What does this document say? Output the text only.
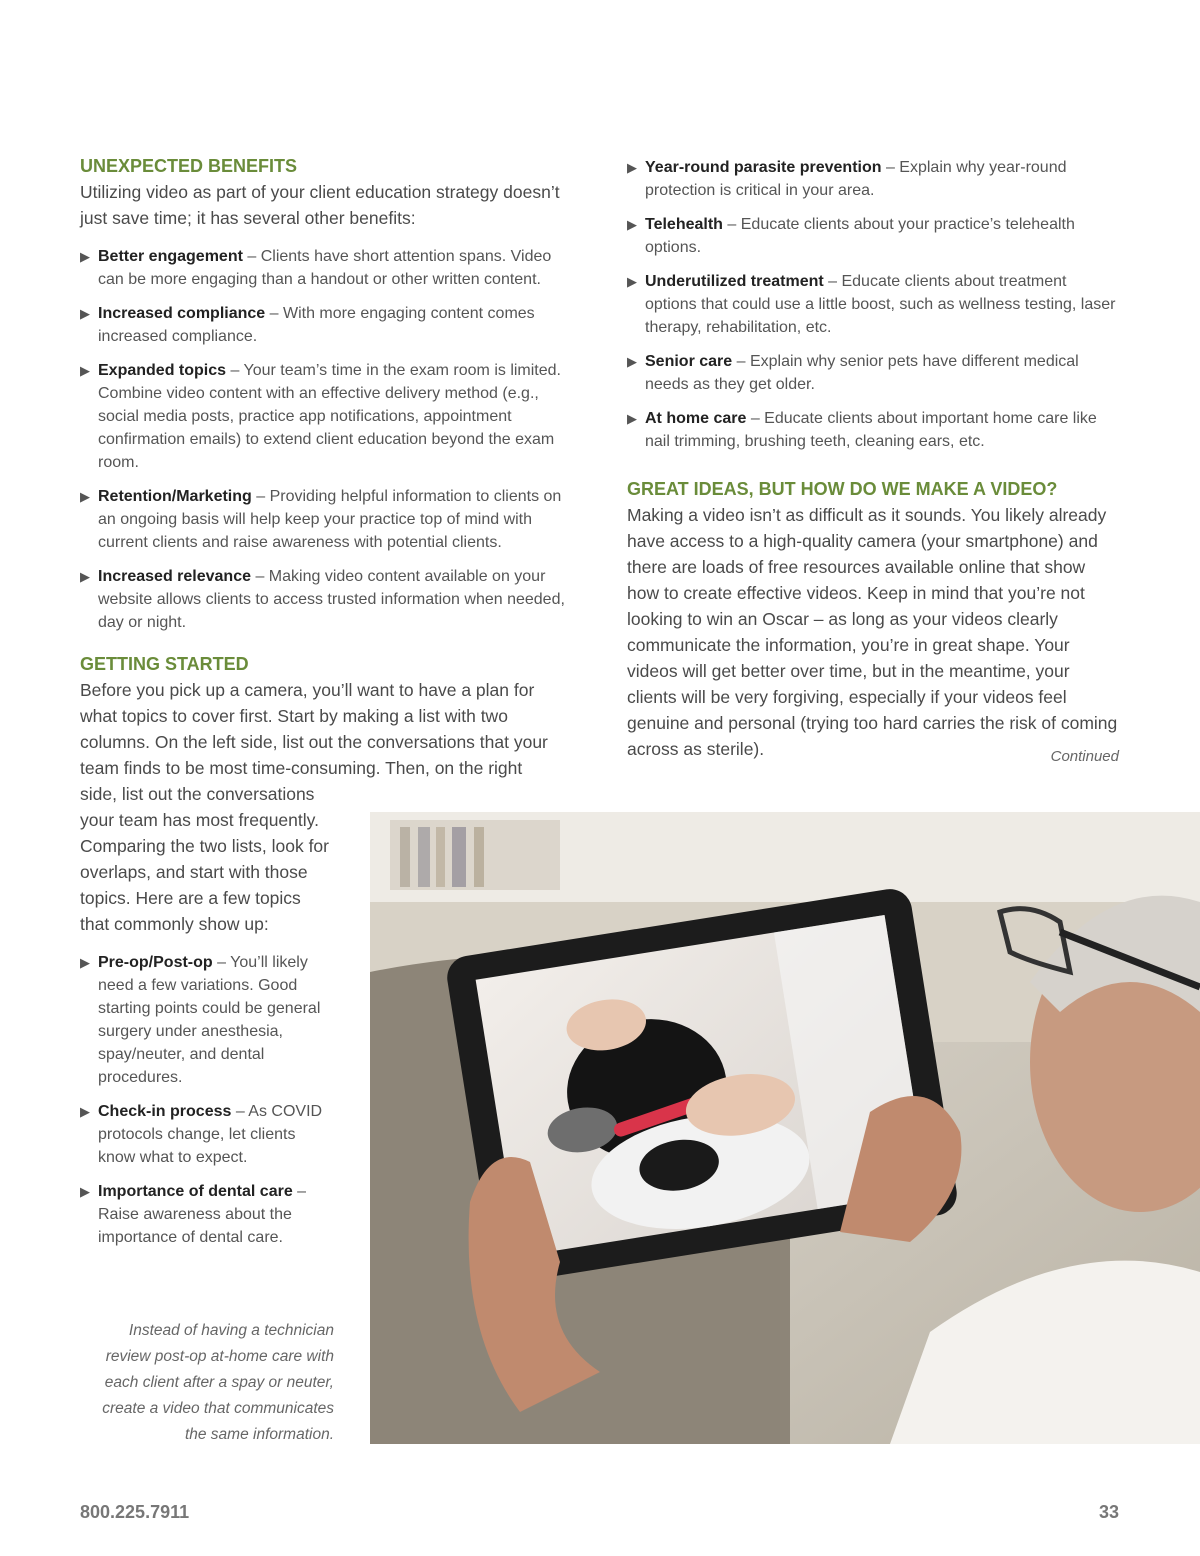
UNEXPECTED BENEFITS

Utilizing video as part of your client education strategy doesn’t just save time; it has several other benefits:

▶ Better engagement – Clients have short attention spans. Video can be more engaging than a handout or other written content.
▶ Increased compliance – With more engaging content comes increased compliance.
▶ Expanded topics – Your team’s time in the exam room is limited. Combine video content with an effective delivery method (e.g., social media posts, practice app notifications, appointment confirmation emails) to extend client education beyond the exam room.
▶ Retention/Marketing – Providing helpful information to clients on an ongoing basis will help keep your practice top of mind with current clients and raise awareness with potential clients.
▶ Increased relevance – Making video content available on your website allows clients to access trusted information when needed, day or night.
GETTING STARTED

Before you pick up a camera, you’ll want to have a plan for what topics to cover first. Start by making a list with two columns. On the left side, list out the conversations that your team finds to be most time-consuming. Then, on the right

side, list out the conversations your team has most frequently. Comparing the two lists, look for overlaps, and start with those topics. Here are a few topics that commonly show up:

▶ Pre-op/Post-op – You’ll likely need a few variations. Good starting points could be general surgery under anesthesia, spay/neuter, and dental procedures.
▶ Check-in process – As COVID protocols change, let clients know what to expect.
▶ Importance of dental care – Raise awareness about the importance of dental care.

Instead of having a technician review post-op at-home care with each client after a spay or neuter, create a video that communicates the same information.

▶ Year-round parasite prevention – Explain why year-round protection is critical in your area.
▶ Telehealth – Educate clients about your practice’s telehealth options.
▶ Underutilized treatment – Educate clients about treatment options that could use a little boost, such as wellness testing, laser therapy, rehabilitation, etc.
▶ Senior care – Explain why senior pets have different medical needs as they get older.
▶ At home care – Educate clients about important home care like nail trimming, brushing teeth, cleaning ears, etc.
GREAT IDEAS, BUT HOW DO WE MAKE A VIDEO?

Making a video isn’t as difficult as it sounds. You likely already have access to a high-quality camera (your smartphone) and there are loads of free resources available online that show how to create effective videos. Keep in mind that you’re not looking to win an Oscar – as long as your videos clearly communicate the information, you’re in great shape. Your videos will get better over time, but in the meantime, your clients will be very forgiving, especially if your videos feel genuine and personal (trying too hard carries the risk of coming across as sterile).	Continued
800.225.7911	33
